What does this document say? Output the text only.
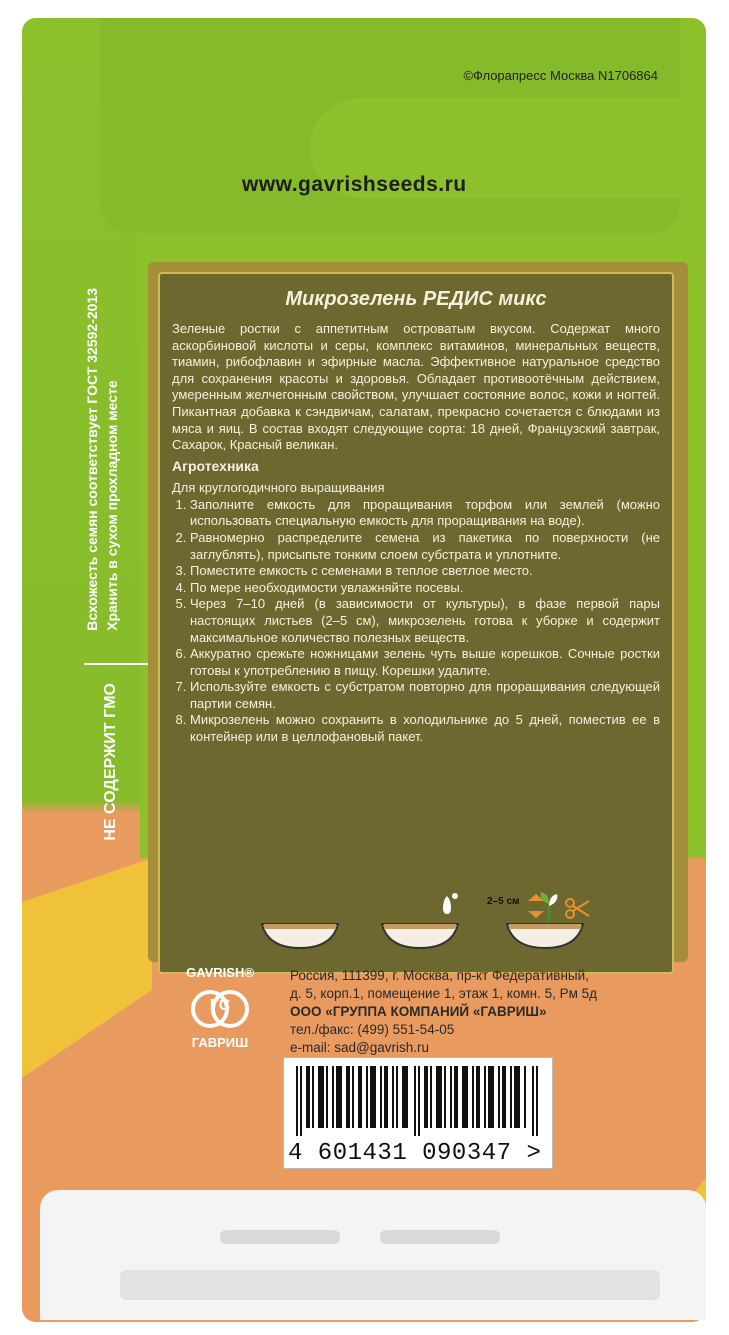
©Флорапресс Москва N1706864
www.gavrishseeds.ru
Всхожесть семян соответствует ГОСТ 32592-2013 Хранить в сухом прохладном месте
НЕ СОДЕРЖИТ ГМО
Микрозелень РЕДИС микс
Зеленые ростки с аппетитным островатым вкусом. Содержат много аскорбиновой кислоты и серы, комплекс витаминов, минеральных веществ, тиамин, рибофлавин и эфирные масла. Эффективное натуральное средство для сохранения красоты и здоровья. Обладает противоотёчным действием, умеренным желчегонным свойством, улучшает состояние волос, кожи и ногтей. Пикантная добавка к сэндвичам, салатам, прекрасно сочетается с блюдами из мяса и яиц. В состав входят следующие сорта: 18 дней, Французский завтрак, Сахарок, Красный великан.
Агротехника
Для круглогодичного выращивания
1. Заполните емкость для проращивания торфом или землей (можно использовать специальную емкость для проращивания на воде).
2. Равномерно распределите семена из пакетика по поверхности (не заглублять), присыпьте тонким слоем субстрата и уплотните.
3. Поместите емкость с семенами в теплое светлое место.
4. По мере необходимости увлажняйте посевы.
5. Через 7–10 дней (в зависимости от культуры), в фазе первой пары настоящих листьев (2–5 см), микрозелень готова к уборке и содержит максимальное количество полезных веществ.
6. Аккуратно срежьте ножницами зелень чуть выше корешков. Сочные ростки готовы к употреблению в пищу. Корешки удалите.
7. Используйте емкость с субстратом повторно для проращивания следующей партии семян.
8. Микрозелень можно сохранить в холодильнике до 5 дней, поместив ее в контейнер или в целлофановый пакет.
2–5 см
GAVRISH®
ГС
ГАВРИШ
Россия, 111399, г. Москва, пр-кт Федеративный,
д. 5, корп.1, помещение 1, этаж 1, комн. 5, Рм 5д
ООО «ГРУППА КОМПАНИЙ «ГАВРИШ»
тел./факс: (499) 551-54-05
e-mail: sad@gavrish.ru
4 601431 090347 >
